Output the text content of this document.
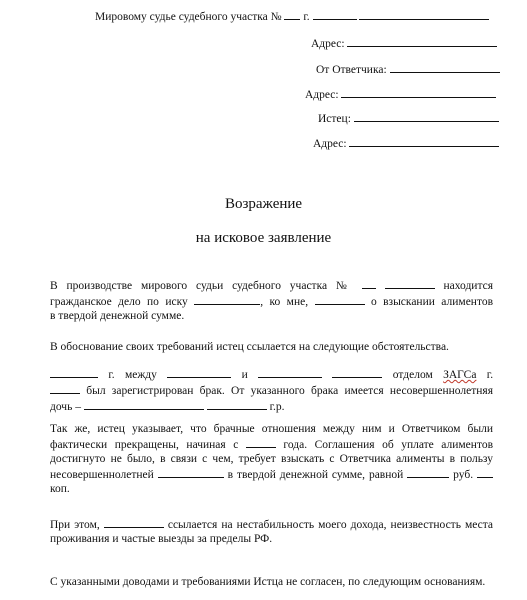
Мировому судье судебного участка № г.
Адрес:
От Ответчика:
Адрес:
Истец:
Адрес:
Возражение
на исковое заявление
В производстве мирового судьи судебного участка №	находится
гражданское дело по иску	, ко мне,	о взыскании алиментов
в твердой денежной сумме.
В обоснование своих требований истец ссылается на следующие обстоятельства.
г. между	и	отделом ЗАГСа г.
был зарегистрирован брак. От указанного брака имеется несовершеннолетняя
дочь –	г.р.
Так же, истец указывает, что брачные отношения между ним и Ответчиком были
фактически прекращены, начиная с	года. Соглашения об уплате алиментов
достигнуто не было, в связи с чем, требует взыскать с Ответчика алименты в пользу
несовершеннолетней	в твердой денежной сумме, равной	руб.
коп.
При этом,	ссылается на нестабильность моего дохода, неизвестность места
проживания и частые выезды за пределы РФ.
С указанными доводами и требованиями Истца не согласен, по следующим основаниям.
